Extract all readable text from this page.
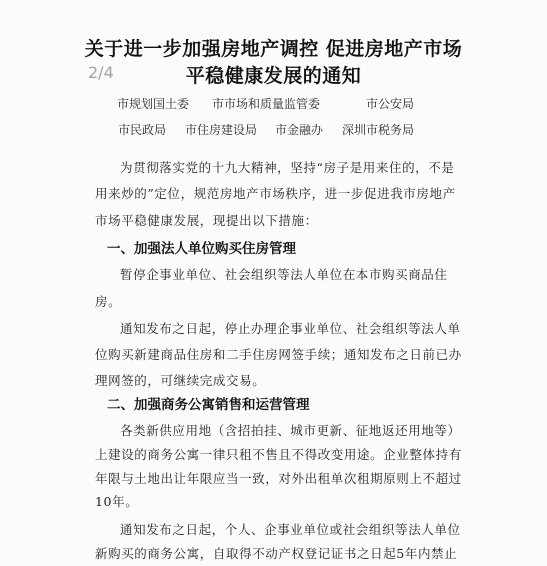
关于进一步加强房地产调控 促进房地产市场
平稳健康发展的通知
2/4
市规划国土委 市市场和质量监管委	市公安局
市民政局 市住房建设局 市金融办 深圳市税务局
为贯彻落实党的十九大精神，坚持“房子是用来住的，不是
用来炒的”定位，规范房地产市场秩序，进一步促进我市房地产
市场平稳健康发展，现提出以下措施：
一、加强法人单位购买住房管理
暂停企事业单位、社会组织等法人单位在本市购买商品住
房。
通知发布之日起，停止办理企事业单位、社会组织等法人单
位购买新建商品住房和二手住房网签手续；通知发布之日前已办
理网签的，可继续完成交易。
二、加强商务公寓销售和运营管理
各类新供应用地（含招拍挂、城市更新、征地返还用地等）
上建设的商务公寓一律只租不售且不得改变用途。企业整体持有
年限与土地出让年限应当一致，对外出租单次租期原则上不超过
10年。
通知发布之日起，个人、企事业单位或社会组织等法人单位
新购买的商务公寓，自取得不动产权登记证书之日起5年内禁止
